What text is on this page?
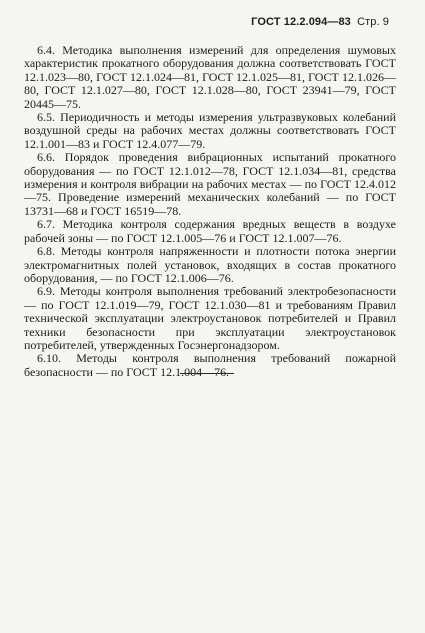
ГОСТ 12.2.094—83 Стр. 9

6.4. Методика выполнения измерений для определения шумовых характеристик прокатного оборудования должна соответствовать ГОСТ 12.1.023—80, ГОСТ 12.1.024—81, ГОСТ 12.1.025—81, ГОСТ 12.1.026—80, ГОСТ 12.1.027—80, ГОСТ 12.1.028—80, ГОСТ 23941—79, ГОСТ 20445—75.

6.5. Периодичность и методы измерения ультразвуковых колебаний воздушной среды на рабочих местах должны соответствовать ГОСТ 12.1.001—83 и ГОСТ 12.4.077—79.

6.6. Порядок проведения вибрационных испытаний прокатного оборудования — по ГОСТ 12.1.012—78, ГОСТ 12.1.034—81, средства измерения и контроля вибрации на рабочих местах — по ГОСТ 12.4.012—75. Проведение измерений механических колебаний — по ГОСТ 13731—68 и ГОСТ 16519—78.

6.7. Методика контроля содержания вредных веществ в воздухе рабочей зоны — по ГОСТ 12.1.005—76 и ГОСТ 12.1.007—76.

6.8. Методы контроля напряженности и плотности потока энергии электромагнитных полей установок, входящих в состав прокатного оборудования, — по ГОСТ 12.1.006—76.

6.9. Методы контроля выполнения требований электробезопасности — по ГОСТ 12.1.019—79, ГОСТ 12.1.030—81 и требованиям Правил технической эксплуатации электроустановок потребителей и Правил техники безопасности при эксплуатации электроустановок потребителей, утвержденных Госэнергонадзором.

6.10. Методы контроля выполнения требований пожарной безопасности — по ГОСТ 12.1.004—76.
